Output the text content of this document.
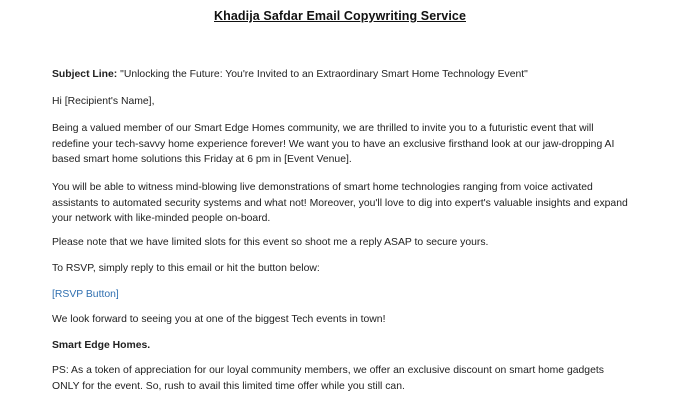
Khadija Safdar Email Copywriting Service
Subject Line: "Unlocking the Future: You're Invited to an Extraordinary Smart Home Technology Event"
Hi [Recipient's Name],
Being a valued member of our Smart Edge Homes community, we are thrilled to invite you to a futuristic event that will redefine your tech-savvy home experience forever! We want you to have an exclusive firsthand look at our jaw-dropping AI based smart home solutions this Friday at 6 pm in [Event Venue].
You will be able to witness mind-blowing live demonstrations of smart home technologies ranging from voice activated assistants to automated security systems and what not! Moreover, you'll love to dig into expert's valuable insights and expand your network with like-minded people on-board.
Please note that we have limited slots for this event so shoot me a reply ASAP to secure yours.
To RSVP, simply reply to this email or hit the button below:
[RSVP Button]
We look forward to seeing you at one of the biggest Tech events in town!
Smart Edge Homes.
PS: As a token of appreciation for our loyal community members, we offer an exclusive discount on smart home gadgets ONLY for the event. So, rush to avail this limited time offer while you still can.
